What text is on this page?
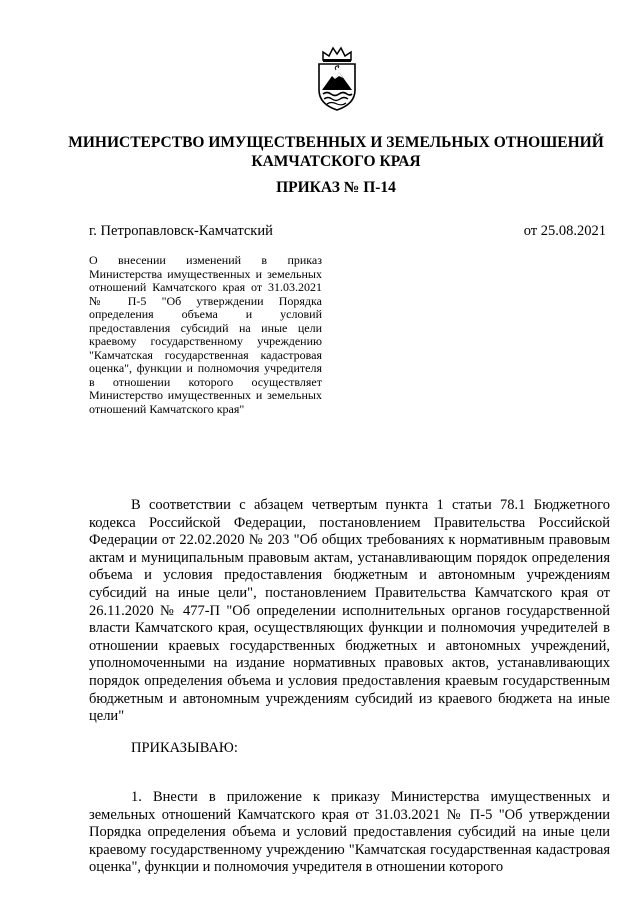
МИНИСТЕРСТВО ИМУЩЕСТВЕННЫХ И ЗЕМЕЛЬНЫХ ОТНОШЕНИЙ КАМЧАТСКОГО КРАЯ
ПРИКАЗ № П-14
г. Петропавловск-Камчатский	от 25.08.2021
О внесении изменений в приказ Министерства имущественных и земельных отношений Камчатского края от 31.03.2021 № П-5 "Об утверждении Порядка определения объема и условий предоставления субсидий на иные цели краевому государственному учреждению "Камчатская государственная кадастровая оценка", функции и полномочия учредителя в отношении которого осуществляет Министерство имущественных и земельных отношений Камчатского края"
В соответствии с абзацем четвертым пункта 1 статьи 78.1 Бюджетного кодекса Российской Федерации, постановлением Правительства Российской Федерации от 22.02.2020 № 203 "Об общих требованиях к нормативным правовым актам и муниципальным правовым актам, устанавливающим порядок определения объема и условия предоставления бюджетным и автономным учреждениям субсидий на иные цели", постановлением Правительства Камчатского края от 26.11.2020 № 477-П "Об определении исполнительных органов государственной власти Камчатского края, осуществляющих функции и полномочия учредителей в отношении краевых государственных бюджетных и автономных учреждений, уполномоченными на издание нормативных правовых актов, устанавливающих порядок определения объема и условия предоставления краевым государственным бюджетным и автономным учреждениям субсидий из краевого бюджета на иные цели"
ПРИКАЗЫВАЮ:
1. Внести в приложение к приказу Министерства имущественных и земельных отношений Камчатского края от 31.03.2021 № П-5 "Об утверждении Порядка определения объема и условий предоставления субсидий на иные цели краевому государственному учреждению "Камчатская государственная кадастровая оценка", функции и полномочия учредителя в отношении которого
